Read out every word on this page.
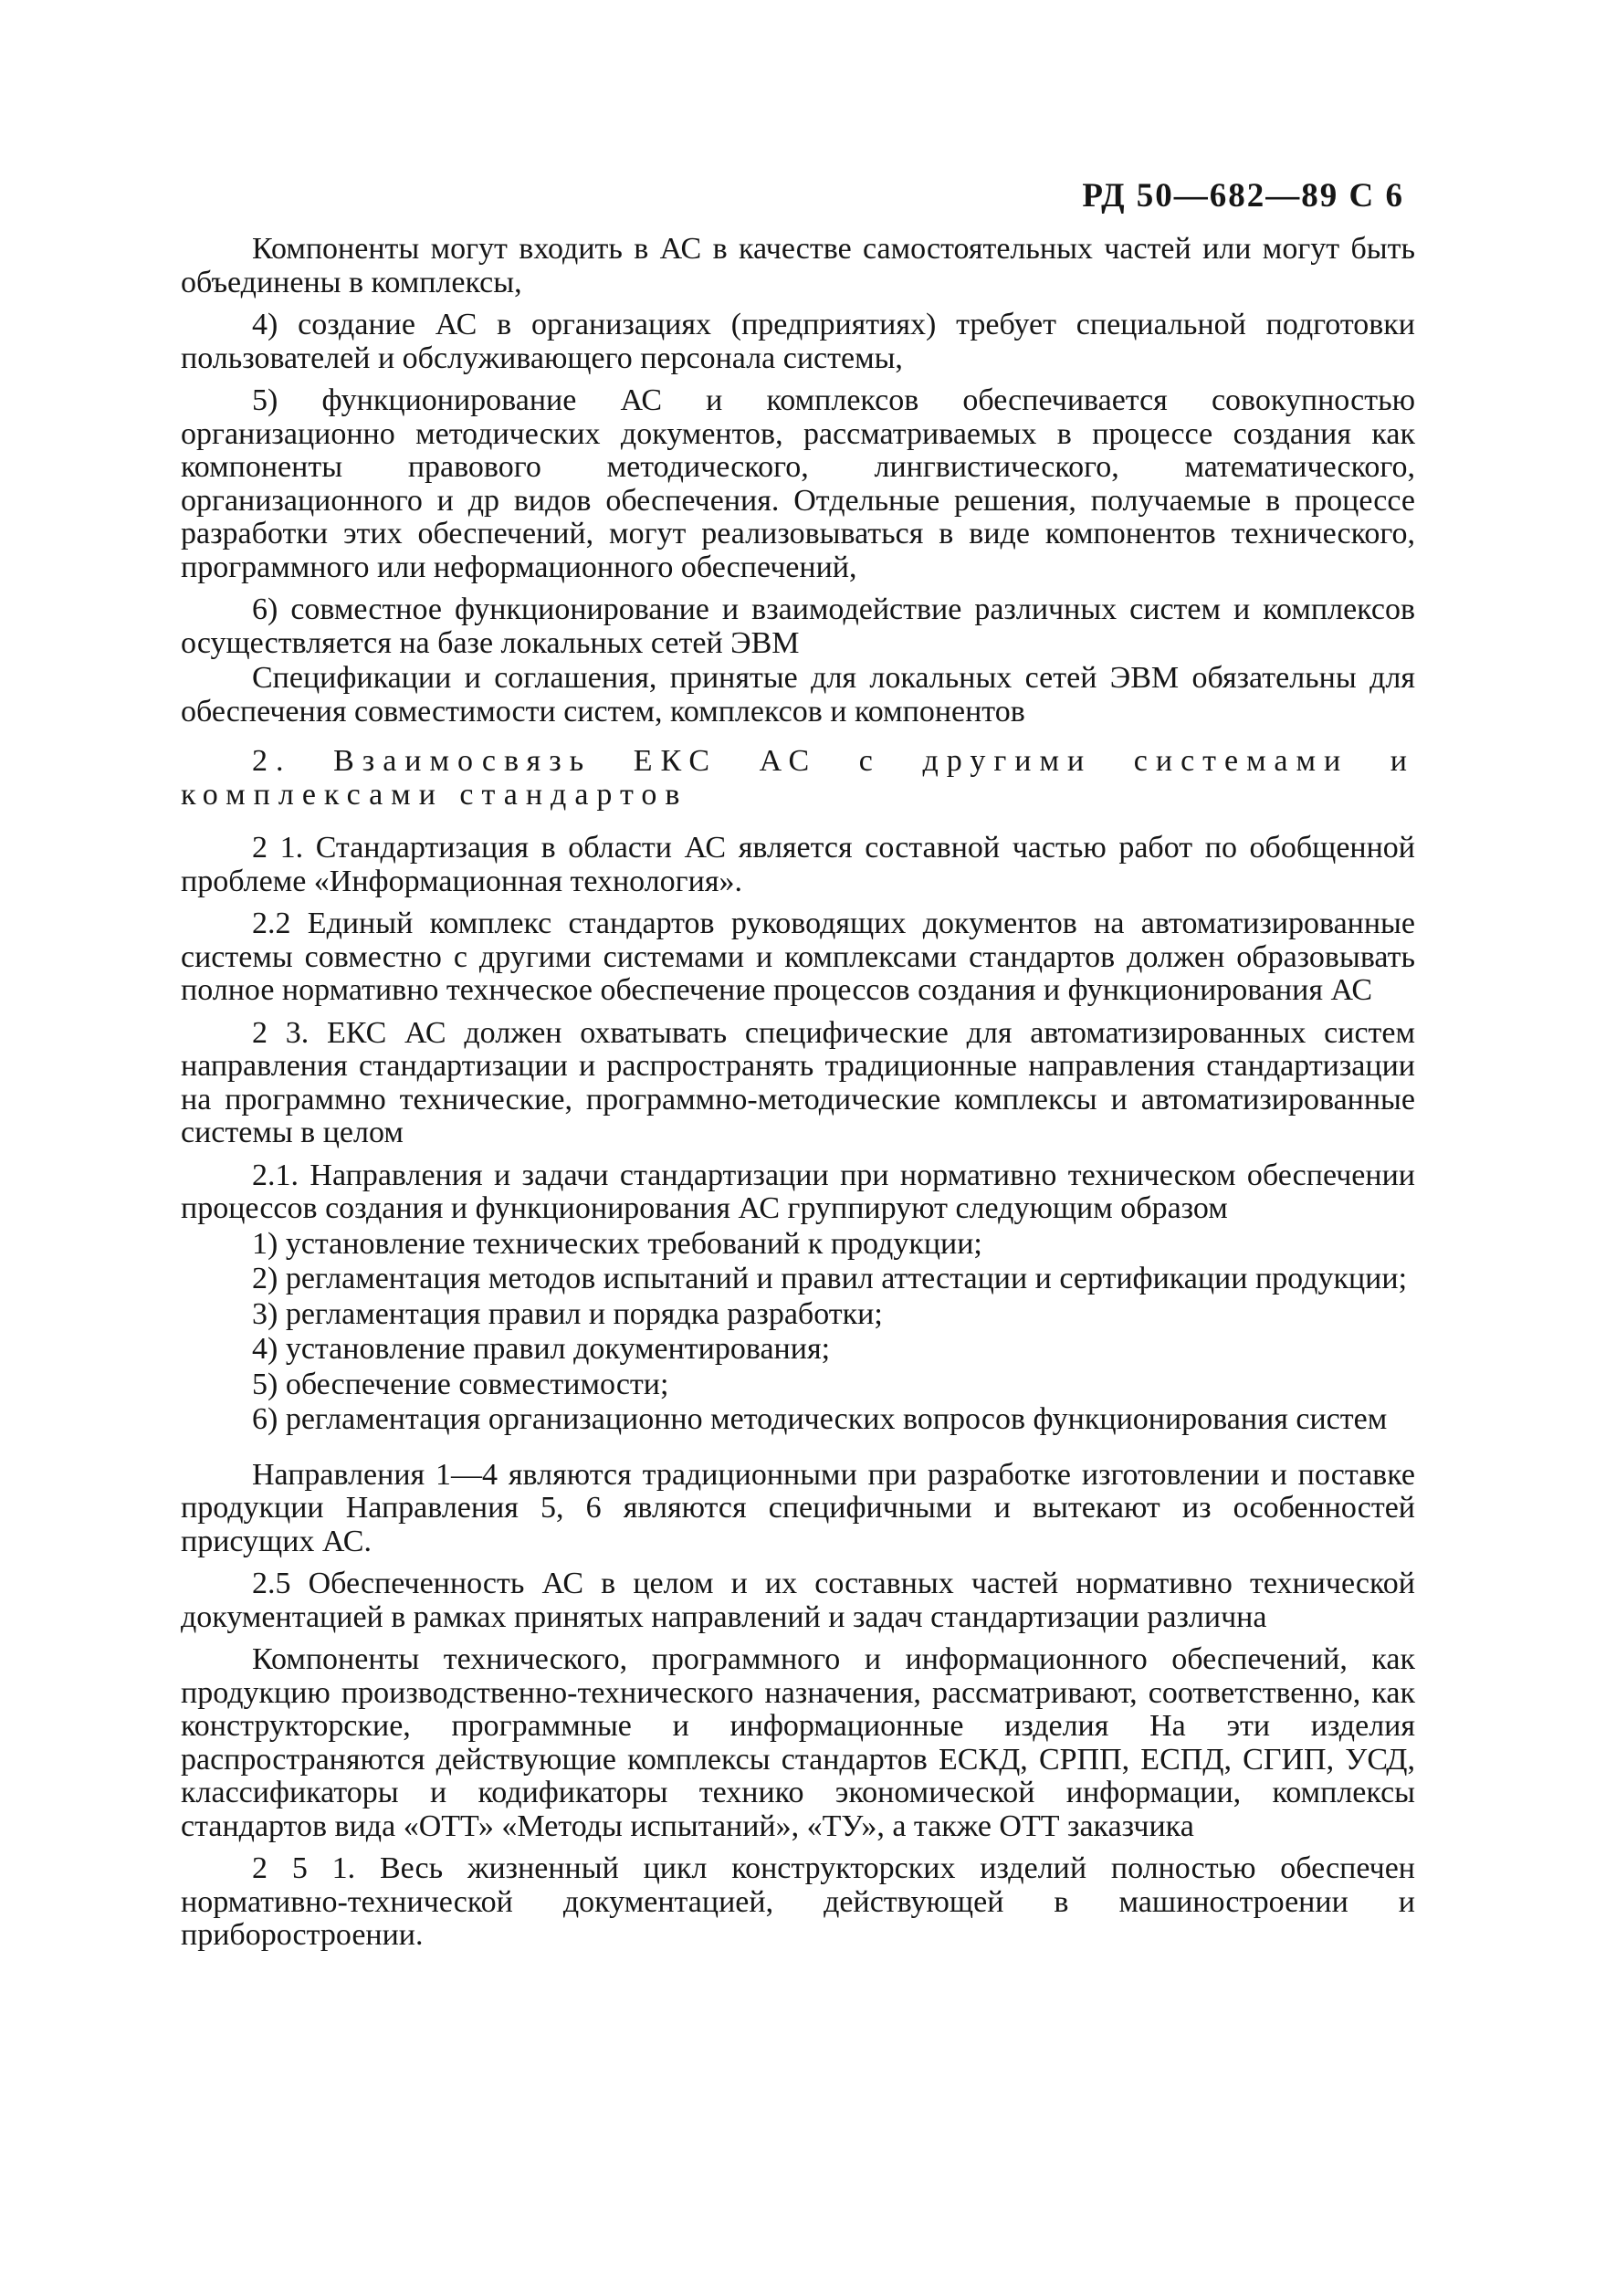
РД 50—682—89 С 6

Компоненты могут входить в АС в качестве самостоятельных частей или могут быть объединены в комплексы,

4) создание АС в организациях (предприятиях) требует специальной подготовки пользователей и обслуживающего персонала системы,

5) функционирование АС и комплексов обеспечивается совокупностью организационно методических документов, рассматриваемых в процессе создания как компоненты правового методического, лингвистического, математического, организационного и др видов обеспечения. Отдельные решения, получаемые в процессе разработки этих обеспечений, могут реализовываться в виде компонентов технического, программного или неформационного обеспечений,

6) совместное функционирование и взаимодействие различных систем и комплексов осуществляется на базе локальных сетей ЭВМ

Спецификации и соглашения, принятые для локальных сетей ЭВМ обязательны для обеспечения совместимости систем, комплексов и компонентов

2. Взаимосвязь ЕКС АС с другими системами и комплексами стандартов

2 1. Стандартизация в области АС является составной частью работ по обобщенной проблеме «Информационная технология».

2.2 Единый комплекс стандартов руководящих документов на автоматизированные системы совместно с другими системами и комплексами стандартов должен образовывать полное нормативно технческое обеспечение процессов создания и функционирования АС

2 3. ЕКС АС должен охватывать специфические для автоматизированных систем направления стандартизации и распространять традиционные направления стандартизации на программно технические, программно-методические комплексы и автоматизированные системы в целом

2.1. Направления и задачи стандартизации при нормативно техническом обеспечении процессов создания и функционирования АС группируют следующим образом

1) установление технических требований к продукции;

2) регламентация методов испытаний и правил аттестации и сертификации продукции;

3) регламентация правил и порядка разработки;

4) установление правил документирования;

5) обеспечение совместимости;

6) регламентация организационно методических вопросов функционирования систем

Направления 1—4 являются традиционными при разработке изготовлении и поставке продукции Направления 5, 6 являются специфичными и вытекают из особенностей присущих АС.

2.5 Обеспеченность АС в целом и их составных частей нормативно технической документацией в рамках принятых направлений и задач стандартизации различна

Компоненты технического, программного и информационного обеспечений, как продукцию производственно-технического назначения, рассматривают, соответственно, как конструкторские, программные и информационные изделия На эти изделия распространяются действующие комплексы стандартов ЕСКД, СРПП, ЕСПД, СГИП, УСД, классификаторы и кодификаторы технико экономической информации, комплексы стандартов вида «ОТТ» «Методы испытаний», «ТУ», а также ОТТ заказчика

2 5 1. Весь жизненный цикл конструкторских изделий полностью обеспечен нормативно-технической документацией, действующей в машиностроении и приборостроении.
